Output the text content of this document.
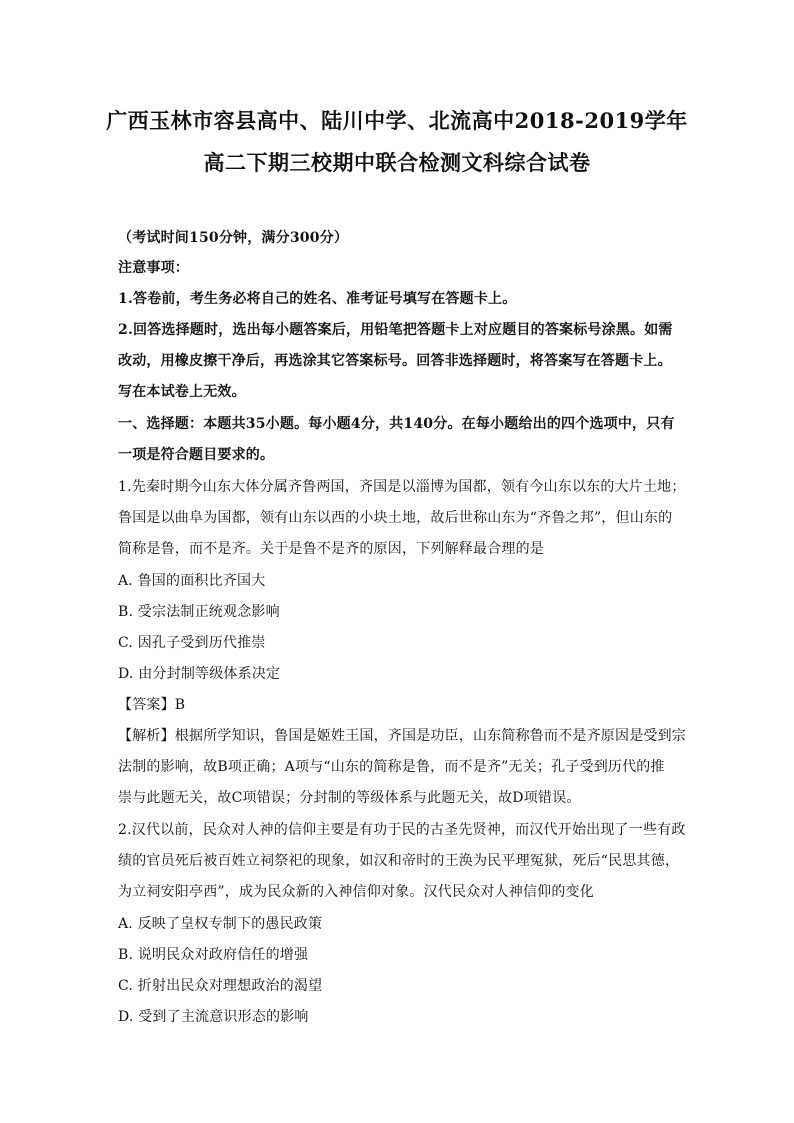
广西玉林市容县高中、陆川中学、北流高中2018-2019学年
高二下期三校期中联合检测文科综合试卷
（考试时间150分钟，满分300分）
注意事项：
1.答卷前，考生务必将自己的姓名、准考证号填写在答题卡上。
2.回答选择题时，选出每小题答案后，用铅笔把答题卡上对应题目的答案标号涂黑。如需
改动，用橡皮擦干净后，再选涂其它答案标号。回答非选择题时，将答案写在答题卡上。
写在本试卷上无效。
一、选择题：本题共35小题。每小题4分，共140分。在每小题给出的四个选项中，只有
一项是符合题目要求的。
1.先秦时期今山东大体分属齐鲁两国，齐国是以淄博为国都，领有今山东以东的大片土地；
鲁国是以曲阜为国都，领有山东以西的小块土地，故后世称山东为“齐鲁之邦”，但山东的
简称是鲁，而不是齐。关于是鲁不是齐的原因，下列解释最合理的是
A. 鲁国的面积比齐国大
B. 受宗法制正统观念影响
C. 因孔子受到历代推崇
D. 由分封制等级体系决定
【答案】B
【解析】根据所学知识，鲁国是姬姓王国，齐国是功臣，山东简称鲁而不是齐原因是受到宗
法制的影响，故B项正确；A项与“山东的简称是鲁，而不是齐”无关；孔子受到历代的推
崇与此题无关，故C项错误；分封制的等级体系与此题无关，故D项错误。
2.汉代以前，民众对人神的信仰主要是有功于民的古圣先贤神，而汉代开始出现了一些有政
绩的官员死后被百姓立祠祭祀的现象，如汉和帝时的王涣为民平理冤狱，死后“民思其德，
为立祠安阳亭西”，成为民众新的入神信仰对象。汉代民众对人神信仰的变化
A. 反映了皇权专制下的愚民政策
B. 说明民众对政府信任的增强
C. 折射出民众对理想政治的渴望
D. 受到了主流意识形态的影响
